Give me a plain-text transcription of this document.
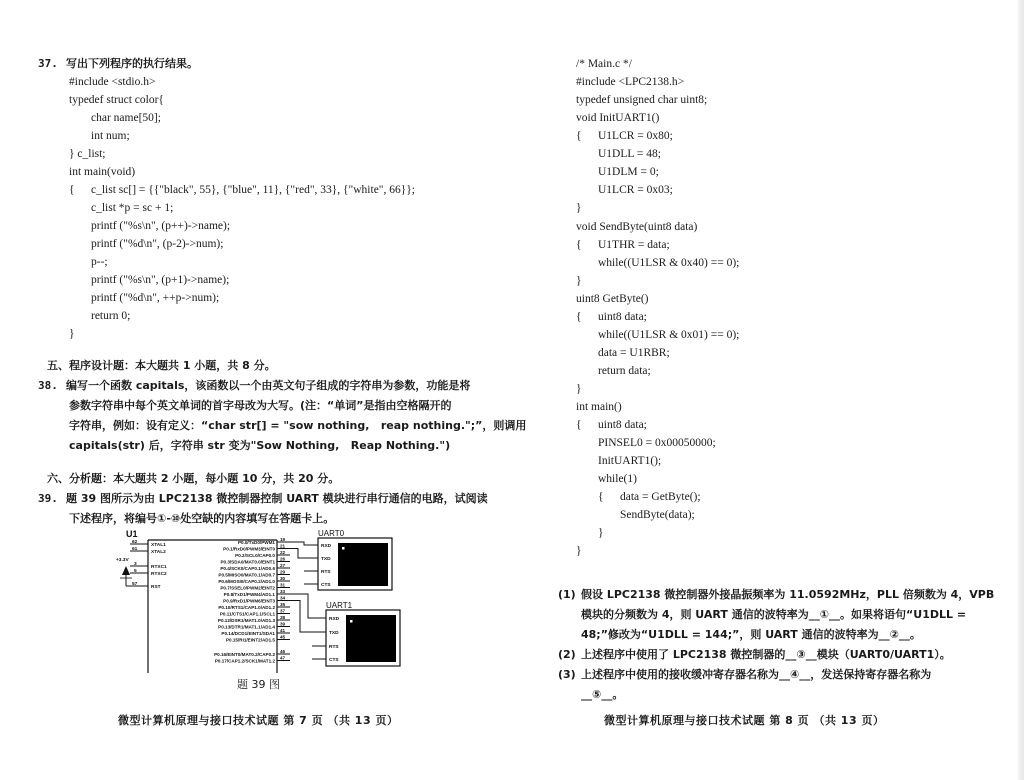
37. 写出下列程序的执行结果。
#include <stdio.h>
typedef struct color{
char name[50];
int num;
} c_list;
int main(void)
{ c_list sc[] = {{"black", 55}, {"blue", 11}, {"red", 33}, {"white", 66}};
c_list *p = sc + 1;
printf ("%s\n", (p++)->name);
printf ("%d\n", (p-2)->num);
p--;
printf ("%s\n", (p+1)->name);
printf ("%d\n", ++p->num);
return 0;
}
五、程序设计题：本大题共 1 小题，共 8 分。
38. 编写一个函数 capitals，该函数以一个由英文句子组成的字符串为参数，功能是将
参数字符串中每个英文单词的首字母改为大写。(注：“单词”是指由空格隔开的
字符串，例如：设有定义：“char str[] = "sow nothing,   reap nothing.";”，则调用
capitals(str) 后，字符串 str 变为"Sow Nothing,   Reap Nothing.")
六、分析题：本大题共 2 小题，每小题 10 分，共 20 分。
39. 题 39 图所示为由 LPC2138 微控制器控制 UART 模块进行串行通信的电路，试阅读
下述程序，将编号①-⑩处空缺的内容填写在答题卡上。
U1
62
XTAL1
61
XTAL2
3
RTXC1
5
RTXC2
57
RST
+3.3V
19
P0.0/TxD0/PWM1
21
P0.1/RxD0/PWM3/EINT0
22
P0.2/SCL0/CAP0.0
26
P0.3/SDA0/MAT0.0/EINT1
27
P0.4/SCK0/CAP0.1/AD0.6
29
P0.5/MISO0/MAT0.1/AD0.7
30
P0.6/MOSI0/CAP0.2/AD1.0
31
P0.7/SSEL0/PWM2/EINT2
33
P0.8/TxD1/PWM4/AD1.1
34
P0.9/RxD1/PWM6/EINT3
35
P0.10/RTS1/CAP1.0/AD1.2
37
P0.11/CTS1/CAP1.1/SCL1
38
P0.12/DSR1/MAT1.0/AD1.3
39
P0.13/DTR1/MAT1.1/AD1.4
41
P0.14/DCD1/EINT1/SDA1
45
P0.15/RI1/EINT2/AD1.5
46
P0.16/EINT0/MAT0.2/CAP0.2
47
P0.17/CAP1.2/SCK1/MAT1.2
UART0
RXD
TXD
RTS
CTS
UART1
RXD
TXD
RTS
CTS
题 39 图
微型计算机原理与接口技术试题 第 7 页 （共 13 页）
/* Main.c */
#include <LPC2138.h>
typedef unsigned char uint8;
void InitUART1()
{ U1LCR = 0x80;
U1DLL = 48;
U1DLM = 0;
U1LCR = 0x03;
}
void SendByte(uint8 data)
{ U1THR = data;
while((U1LSR & 0x40) == 0);
}
uint8 GetByte()
{ uint8 data;
while((U1LSR & 0x01) == 0);
data = U1RBR;
return data;
}
int main()
{ uint8 data;
PINSEL0 = 0x00050000;
InitUART1();
while(1)
{ data = GetByte();
SendByte(data);
}
}
(1) 假设 LPC2138 微控制器外接晶振频率为 11.0592MHz，PLL 倍频数为 4，VPB
模块的分频数为 4，则 UART 通信的波特率为__①__。如果将语句“U1DLL =
48;”修改为“U1DLL = 144;”，则 UART 通信的波特率为__②__。
(2) 上述程序中使用了 LPC2138 微控制器的__③__模块（UART0/UART1）。
(3) 上述程序中使用的接收缓冲寄存器名称为__④__，发送保持寄存器名称为
__⑤__。
微型计算机原理与接口技术试题 第 8 页 （共 13 页）
